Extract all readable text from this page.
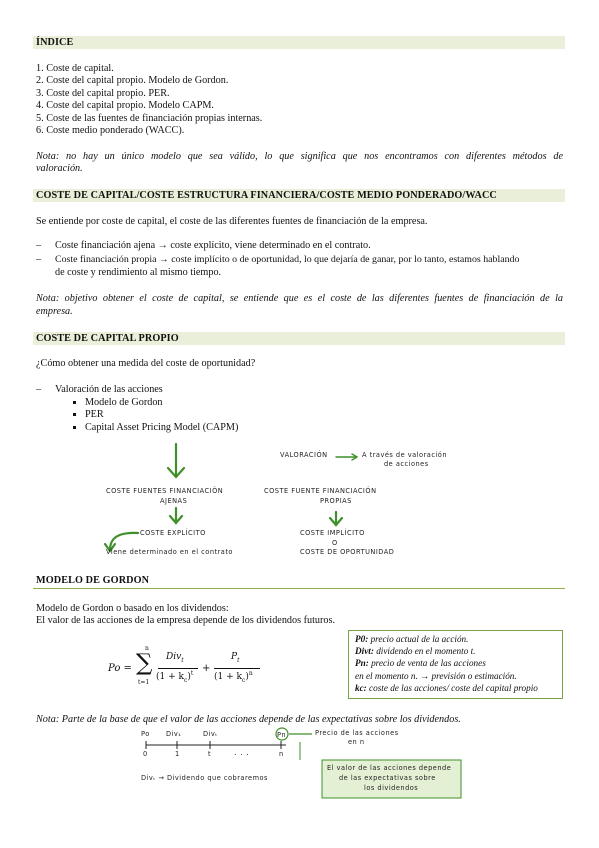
ÍNDICE
1. Coste de capital.
2. Coste del capital propio. Modelo de Gordon.
3. Coste del capital propio. PER.
4. Coste del capital propio. Modelo CAPM.
5. Coste de las fuentes de financiación propias internas.
6. Coste medio ponderado (WACC).
Nota: no hay un único modelo que sea válido, lo que significa que nos encontramos con diferentes métodos de
valoración.
COSTE DE CAPITAL/COSTE ESTRUCTURA FINANCIERA/COSTE MEDIO PONDERADO/WACC
Se entiende por coste de capital, el coste de las diferentes fuentes de financiación de la empresa.
– Coste financiación ajena → coste explícito, viene determinado en el contrato.
– Coste financiación propia → coste implícito o de oportunidad, lo que dejaría de ganar, por lo tanto, estamos hablando
de coste y rendimiento al mismo tiempo.
Nota: objetivo obtener el coste de capital, se entiende que es el coste de las diferentes fuentes de financiación de la
empresa.
COSTE DE CAPITAL PROPIO
¿Cómo obtener una medida del coste de oportunidad?
– Valoración de las acciones
Modelo de Gordon
PER
Capital Asset Pricing Model (CAPM)
VALORACIÓN	A través de valoración
de acciones
COSTE FUENTES FINANCIACIÓN
AJENAS
COSTE FUENTE FINANCIACIÓN
PROPIAS
COSTE EXPLÍCITO
Viene determinado en el contrato
COSTE IMPLÍCITO
O
COSTE DE OPORTUNIDAD
MODELO DE GORDON
Modelo de Gordon o basado en los dividendos:
El valor de las acciones de la empresa depende de los dividendos futuros.
Po =
n
∑
t=1
Div$_t$
$(1 + k_c)^t$ +
$P_t$
$(1 + k_c)^n$
P0: precio actual de la acción.
Divt: dividendo en el momento t.
Pn: precio de venta de las acciones
en el momento n. → previsión o estimación.
kc: coste de las acciones/ coste del capital propio
Nota: Parte de la base de que el valor de las acciones depende de las expectativas sobre los dividendos.
Po Div₁	Divₜ	Pn
0	1	t	. . .	n
Precio de las acciones
en n
Divₜ → Dividendo que cobraremos
El valor de las acciones depende
de las expectativas sobre
los dividendos
